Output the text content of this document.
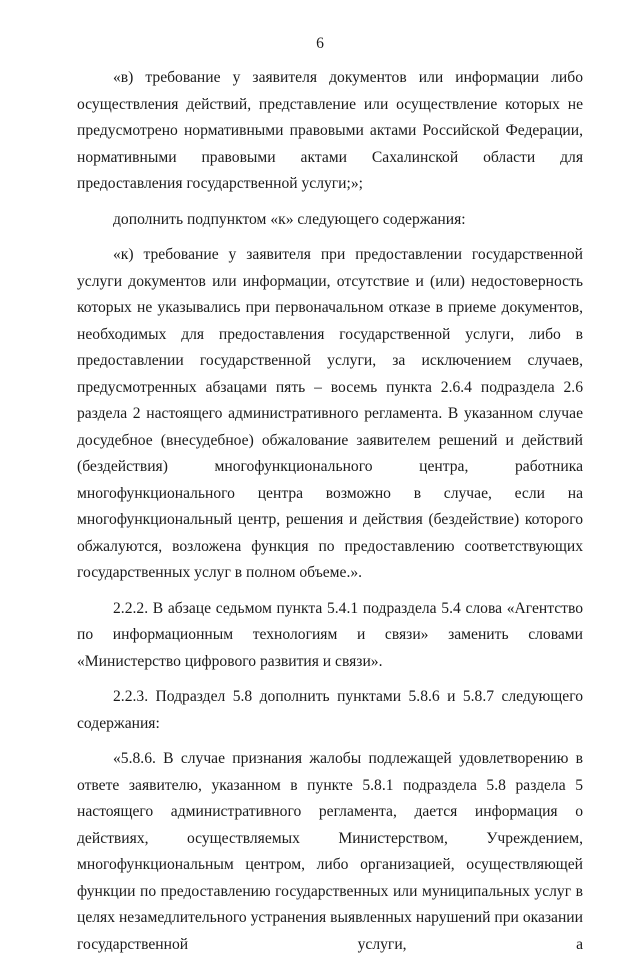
6

«в) требование у заявителя документов или информации либо осуществления действий, представление или осуществление которых не предусмотрено нормативными правовыми актами Российской Федерации, нормативными правовыми актами Сахалинской области для предоставления государственной услуги;»;

дополнить подпунктом «к» следующего содержания:

«к) требование у заявителя при предоставлении государственной услуги документов или информации, отсутствие и (или) недостоверность которых не указывались при первоначальном отказе в приеме документов, необходимых для предоставления государственной услуги, либо в предоставлении государственной услуги, за исключением случаев, предусмотренных абзацами пять – восемь пункта 2.6.4 подраздела 2.6 раздела 2 настоящего административного регламента. В указанном случае досудебное (внесудебное) обжалование заявителем решений и действий (бездействия) многофункционального центра, работника многофункционального центра возможно в случае, если на многофункциональный центр, решения и действия (бездействие) которого обжалуются, возложена функция по предоставлению соответствующих государственных услуг в полном объеме.».

2.2.2. В абзаце седьмом пункта 5.4.1 подраздела 5.4 слова «Агентство по информационным технологиям и связи» заменить словами «Министерство цифрового развития и связи».

2.2.3. Подраздел 5.8 дополнить пунктами 5.8.6 и 5.8.7 следующего содержания:

«5.8.6. В случае признания жалобы подлежащей удовлетворению в ответе заявителю, указанном в пункте 5.8.1 подраздела 5.8 раздела 5 настоящего административного регламента, дается информация о действиях, осуществляемых Министерством, Учреждением, многофункциональным центром, либо организацией, осуществляющей функции по предоставлению государственных или муниципальных услуг в целях незамедлительного устранения выявленных нарушений при оказании государственной услуги, а
